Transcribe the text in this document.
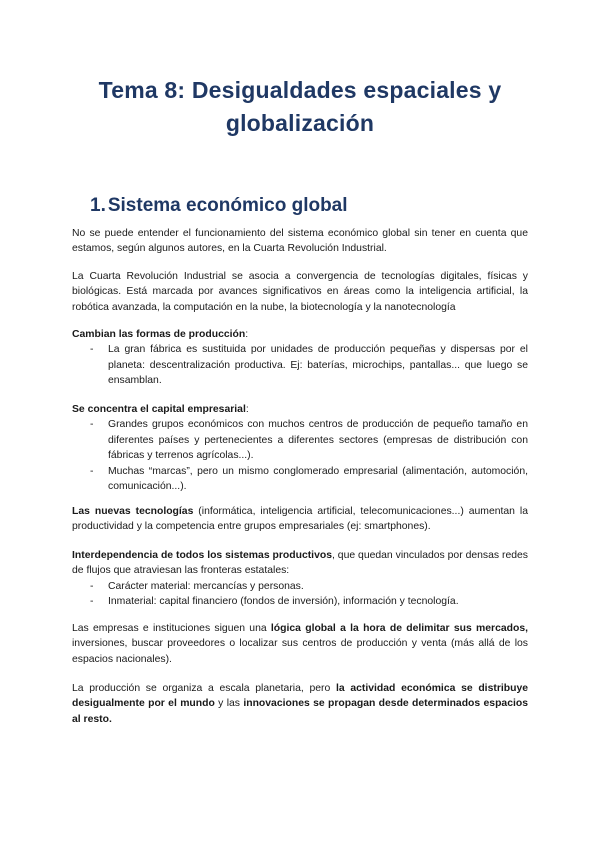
Tema 8: Desigualdades espaciales y
globalización
1. Sistema económico global

No se puede entender el funcionamiento del sistema económico global sin tener en cuenta que estamos, según algunos autores, en la Cuarta Revolución Industrial.

La Cuarta Revolución Industrial se asocia a convergencia de tecnologías digitales, físicas y biológicas. Está marcada por avances significativos en áreas como la inteligencia artificial, la robótica avanzada, la computación en la nube, la biotecnología y la nanotecnología

Cambian las formas de producción:
- La gran fábrica es sustituida por unidades de producción pequeñas y dispersas por el planeta: descentralización productiva. Ej: baterías, microchips, pantallas... que luego se ensamblan.
Se concentra el capital empresarial:
- Grandes grupos económicos con muchos centros de producción de pequeño tamaño en diferentes países y pertenecientes a diferentes sectores (empresas de distribución con fábricas y terrenos agrícolas...).
- Muchas “marcas”, pero un mismo conglomerado empresarial (alimentación, automoción, comunicación...).

Las nuevas tecnologías (informática, inteligencia artificial, telecomunicaciones...) aumentan la productividad y la competencia entre grupos empresariales (ej: smartphones).

Interdependencia de todos los sistemas productivos, que quedan vinculados por densas redes de flujos que atraviesan las fronteras estatales:
- Carácter material: mercancías y personas.
- Inmaterial: capital financiero (fondos de inversión), información y tecnología.

Las empresas e instituciones siguen una lógica global a la hora de delimitar sus mercados, inversiones, buscar proveedores o localizar sus centros de producción y venta (más allá de los espacios nacionales).

La producción se organiza a escala planetaria, pero la actividad económica se distribuye desigualmente por el mundo y las innovaciones se propagan desde determinados espacios al resto.
